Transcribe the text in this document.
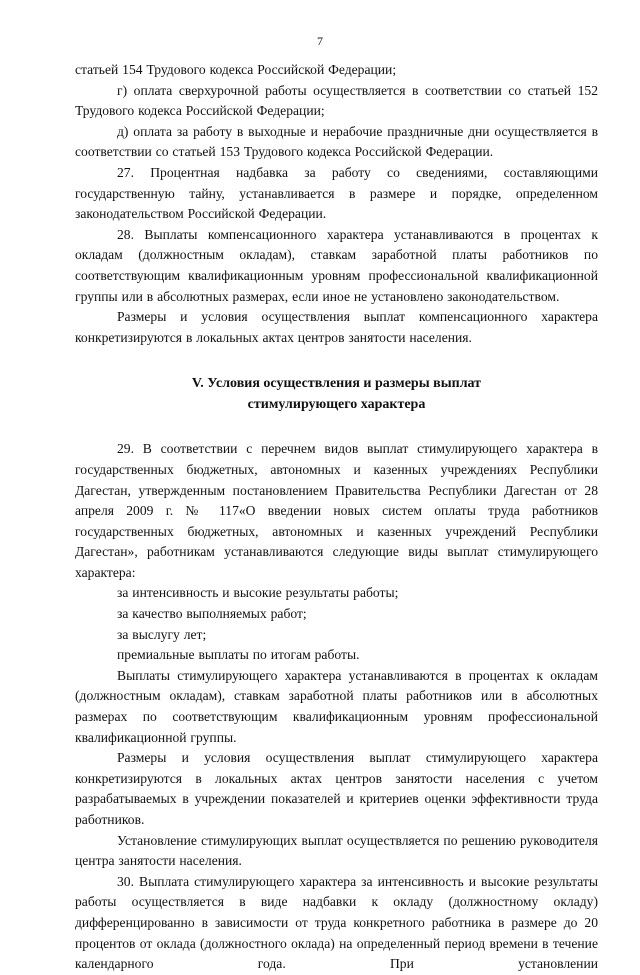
7

статьей 154 Трудового кодекса Российской Федерации;

г) оплата сверхурочной работы осуществляется в соответствии со статьей 152 Трудового кодекса Российской Федерации;

д) оплата за работу в выходные и нерабочие праздничные дни осуществляется в соответствии со статьей 153 Трудового кодекса Российской Федерации.

27. Процентная надбавка за работу со сведениями, составляющими государственную тайну, устанавливается в размере и порядке, определенном законодательством Российской Федерации.

28. Выплаты компенсационного характера устанавливаются в процентах к окладам (должностным окладам), ставкам заработной платы работников по соответствующим квалификационным уровням профессиональной квалификационной группы или в абсолютных размерах, если иное не установлено законодательством.

Размеры и условия осуществления выплат компенсационного характера конкретизируются в локальных актах центров занятости населения.

V. Условия осуществления и размеры выплат
стимулирующего характера

29. В соответствии с перечнем видов выплат стимулирующего характера в государственных бюджетных, автономных и казенных учреждениях Республики Дагестан, утвержденным постановлением Правительства Республики Дагестан от 28 апреля 2009 г. № 117«О введении новых систем оплаты труда работников государственных бюджетных, автономных и казенных учреждений Республики Дагестан», работникам устанавливаются следующие виды выплат стимулирующего характера:

за интенсивность и высокие результаты работы;

за качество выполняемых работ;

за выслугу лет;

премиальные выплаты по итогам работы.

Выплаты стимулирующего характера устанавливаются в процентах к окладам (должностным окладам), ставкам заработной платы работников или в абсолютных размерах по соответствующим квалификационным уровням профессиональной квалификационной группы.

Размеры и условия осуществления выплат стимулирующего характера конкретизируются в локальных актах центров занятости населения с учетом разрабатываемых в учреждении показателей и критериев оценки эффективности труда работников.

Установление стимулирующих выплат осуществляется по решению руководителя центра занятости населения.

30. Выплата стимулирующего характера за интенсивность и высокие результаты работы осуществляется в виде надбавки к окладу (должностному окладу) дифференцированно в зависимости от труда конкретного работника в размере до 20 процентов от оклада (должностного оклада) на определенный период времени в течение календарного года. При установлении
